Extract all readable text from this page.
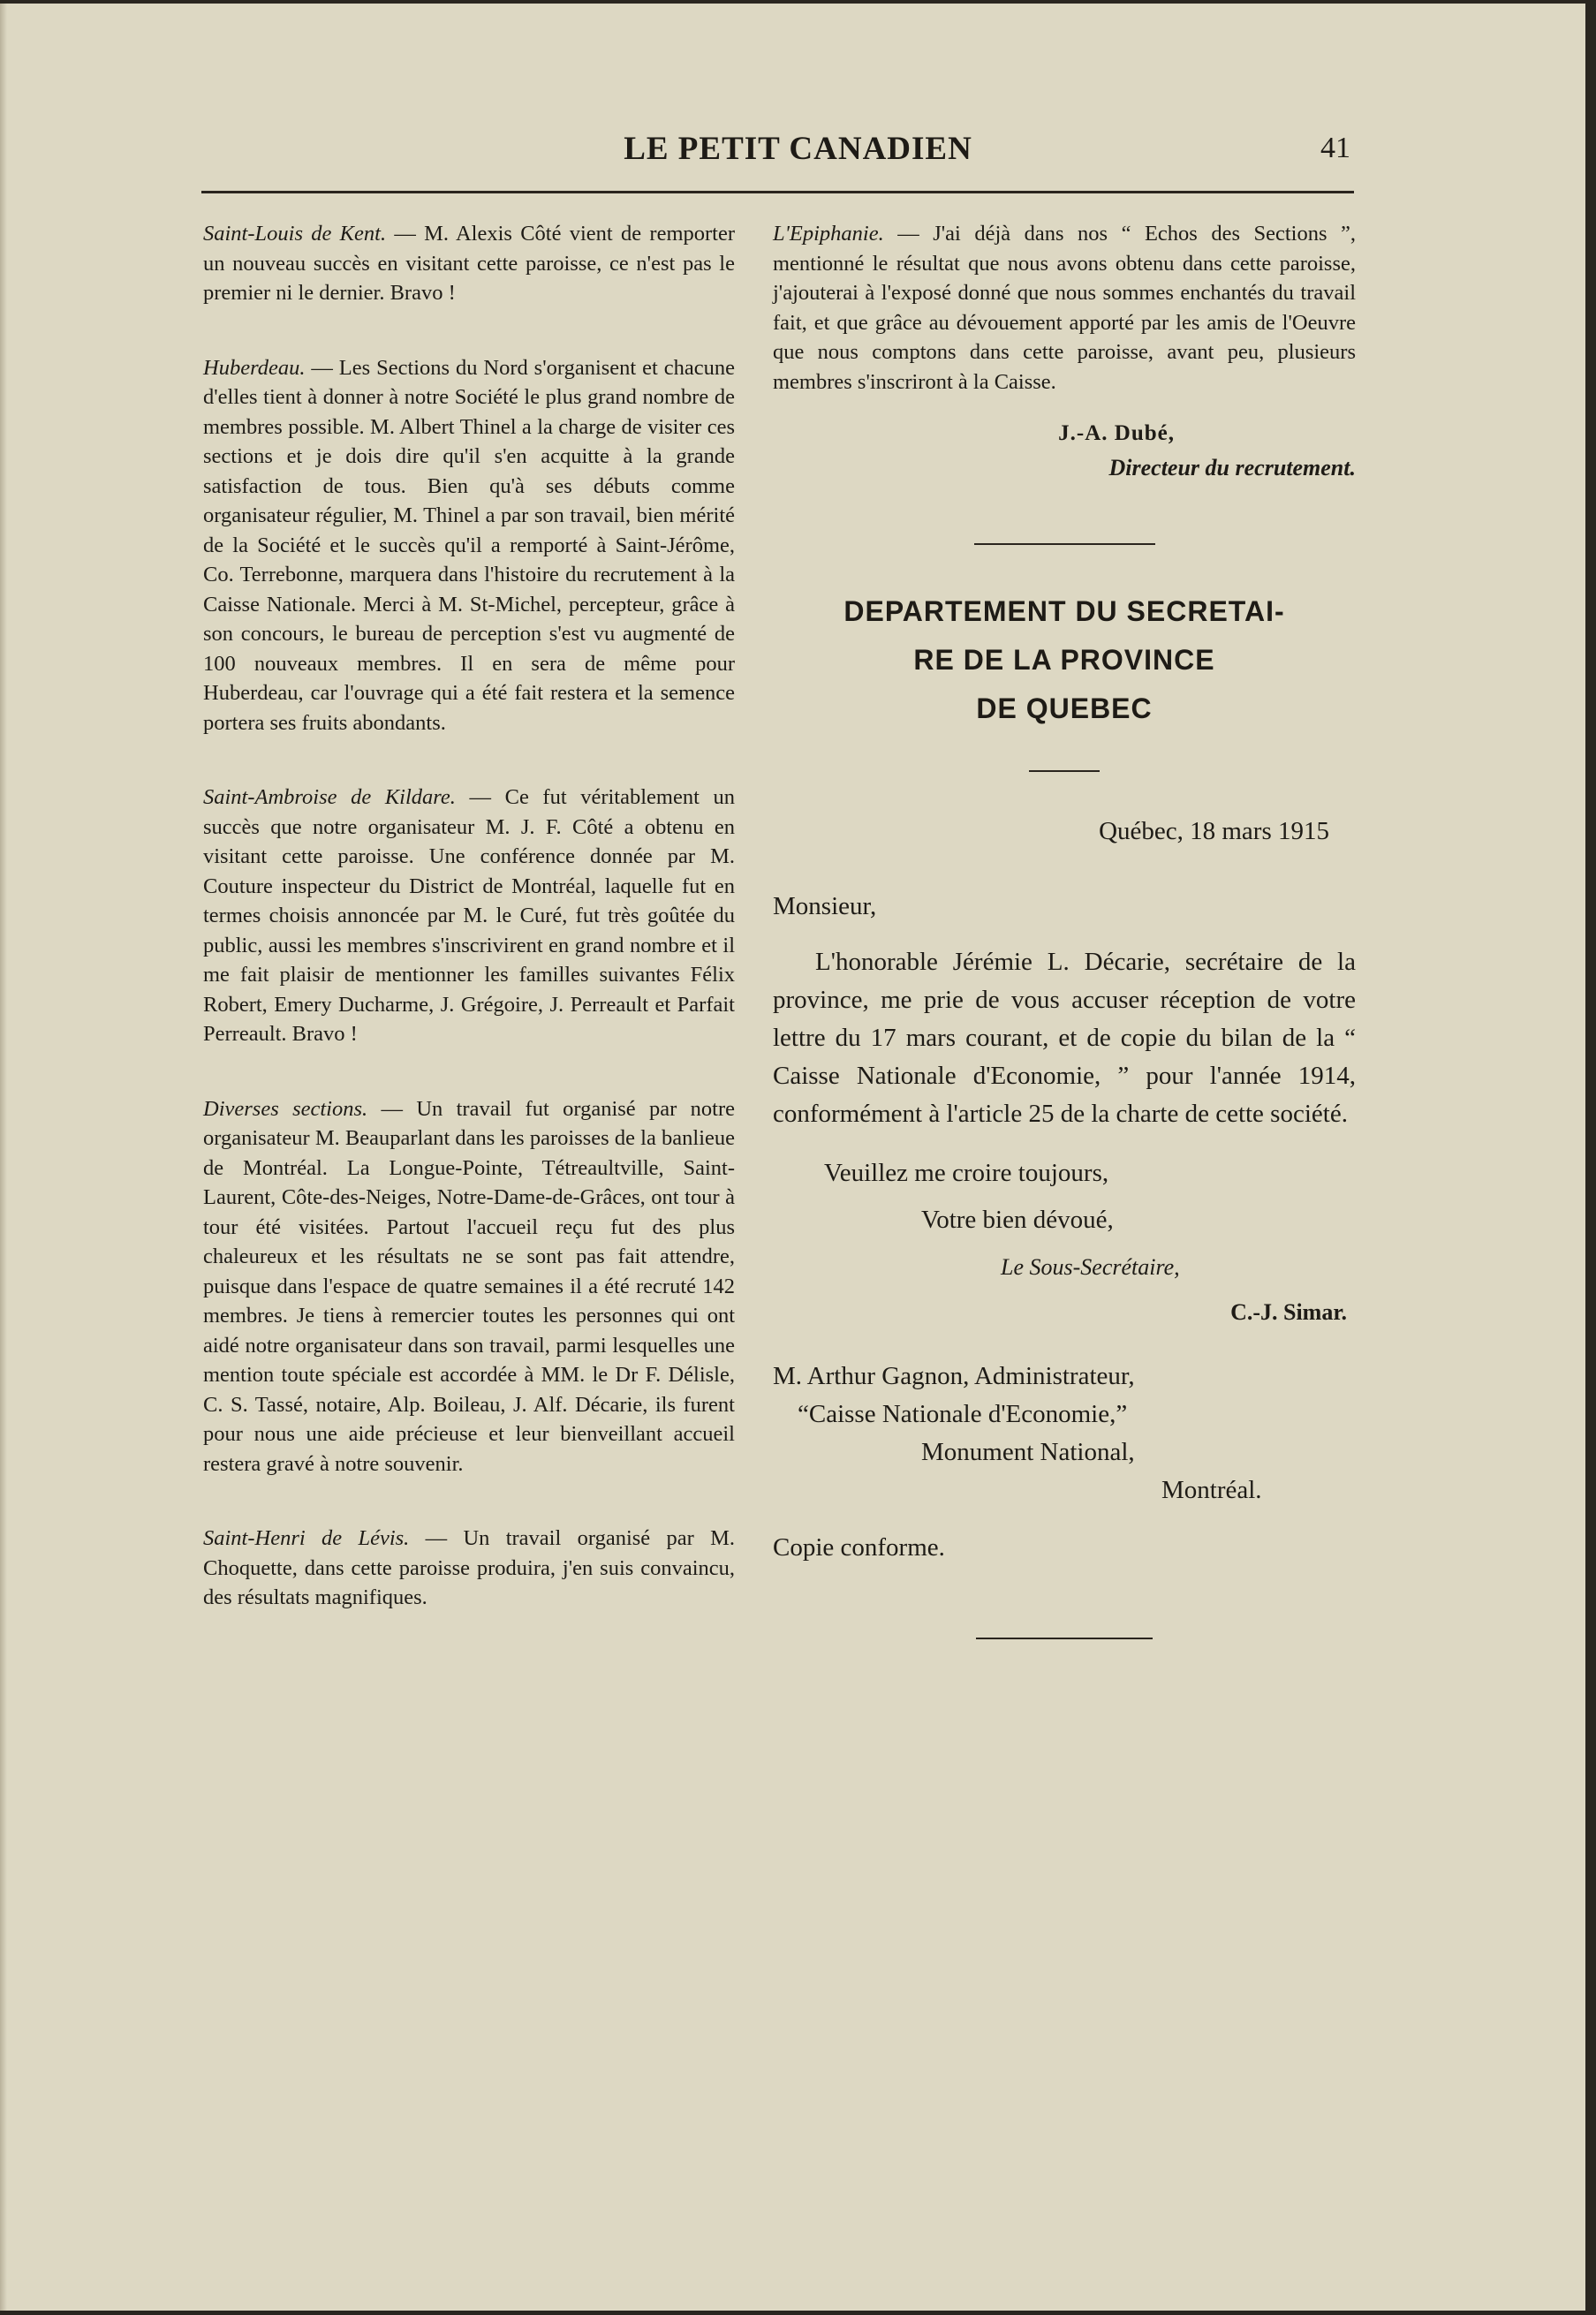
LE PETIT CANADIEN	41

Saint-Louis de Kent. — M. Alexis Côté vient de remporter un nouveau succès en visitant cette paroisse, ce n'est pas le premier ni le dernier. Bravo !

Huberdeau. — Les Sections du Nord s'organisent et chacune d'elles tient à donner à notre Société le plus grand nombre de membres possible. M. Albert Thinel a la charge de visiter ces sections et je dois dire qu'il s'en acquitte à la grande satisfaction de tous. Bien qu'à ses débuts comme organisateur régulier, M. Thinel a par son travail, bien mérité de la Société et le succès qu'il a remporté à Saint-Jérôme, Co. Terrebonne, marquera dans l'histoire du recrutement à la Caisse Nationale. Merci à M. St-Michel, percepteur, grâce à son concours, le bureau de perception s'est vu augmenté de 100 nouveaux membres. Il en sera de même pour Huberdeau, car l'ouvrage qui a été fait restera et la semence portera ses fruits abondants.

Saint-Ambroise de Kildare. — Ce fut véritablement un succès que notre organisateur M. J. F. Côté a obtenu en visitant cette paroisse. Une conférence donnée par M. Couture inspecteur du District de Montréal, laquelle fut en termes choisis annoncée par M. le Curé, fut très goûtée du public, aussi les membres s'inscrivirent en grand nombre et il me fait plaisir de mentionner les familles suivantes Félix Robert, Emery Ducharme, J. Grégoire, J. Perreault et Parfait Perreault. Bravo !

Diverses sections. — Un travail fut organisé par notre organisateur M. Beauparlant dans les paroisses de la banlieue de Montréal. La Longue-Pointe, Tétreaultville, Saint-Laurent, Côte-des-Neiges, Notre-Dame-de-Grâces, ont tour à tour été visitées. Partout l'accueil reçu fut des plus chaleureux et les résultats ne se sont pas fait attendre, puisque dans l'espace de quatre semaines il a été recruté 142 membres. Je tiens à remercier toutes les personnes qui ont aidé notre organisateur dans son travail, parmi lesquelles une mention toute spéciale est accordée à MM. le Dr F. Délisle, C. S. Tassé, notaire, Alp. Boileau, J. Alf. Décarie, ils furent pour nous une aide précieuse et leur bienveillant accueil restera gravé à notre souvenir.

Saint-Henri de Lévis. — Un travail organisé par M. Choquette, dans cette paroisse produira, j'en suis convaincu, des résultats magnifiques.

L'Epiphanie. — J'ai déjà dans nos “ Echos des Sections ”, mentionné le résultat que nous avons obtenu dans cette paroisse, j'ajouterai à l'exposé donné que nous sommes enchantés du travail fait, et que grâce au dévouement apporté par les amis de l'Oeuvre que nous comptons dans cette paroisse, avant peu, plusieurs membres s'inscriront à la Caisse.

J.-A. Dubé,
Directeur du recrutement.
DEPARTEMENT DU SECRETAI-
RE DE LA PROVINCE
DE QUEBEC
Québec, 18 mars 1915
Monsieur,

L'honorable Jérémie L. Décarie, secrétaire de la province, me prie de vous accuser réception de votre lettre du 17 mars courant, et de copie du bilan de la “ Caisse Nationale d'Economie, ” pour l'année 1914, conformément à l'article 25 de la charte de cette société.

Veuillez me croire toujours,
Votre bien dévoué,
Le Sous-Secrétaire,
C.-J. Simar.
M. Arthur Gagnon, Administrateur,
“Caisse Nationale d'Economie,”
Monument National,
Montréal.
Copie conforme.
